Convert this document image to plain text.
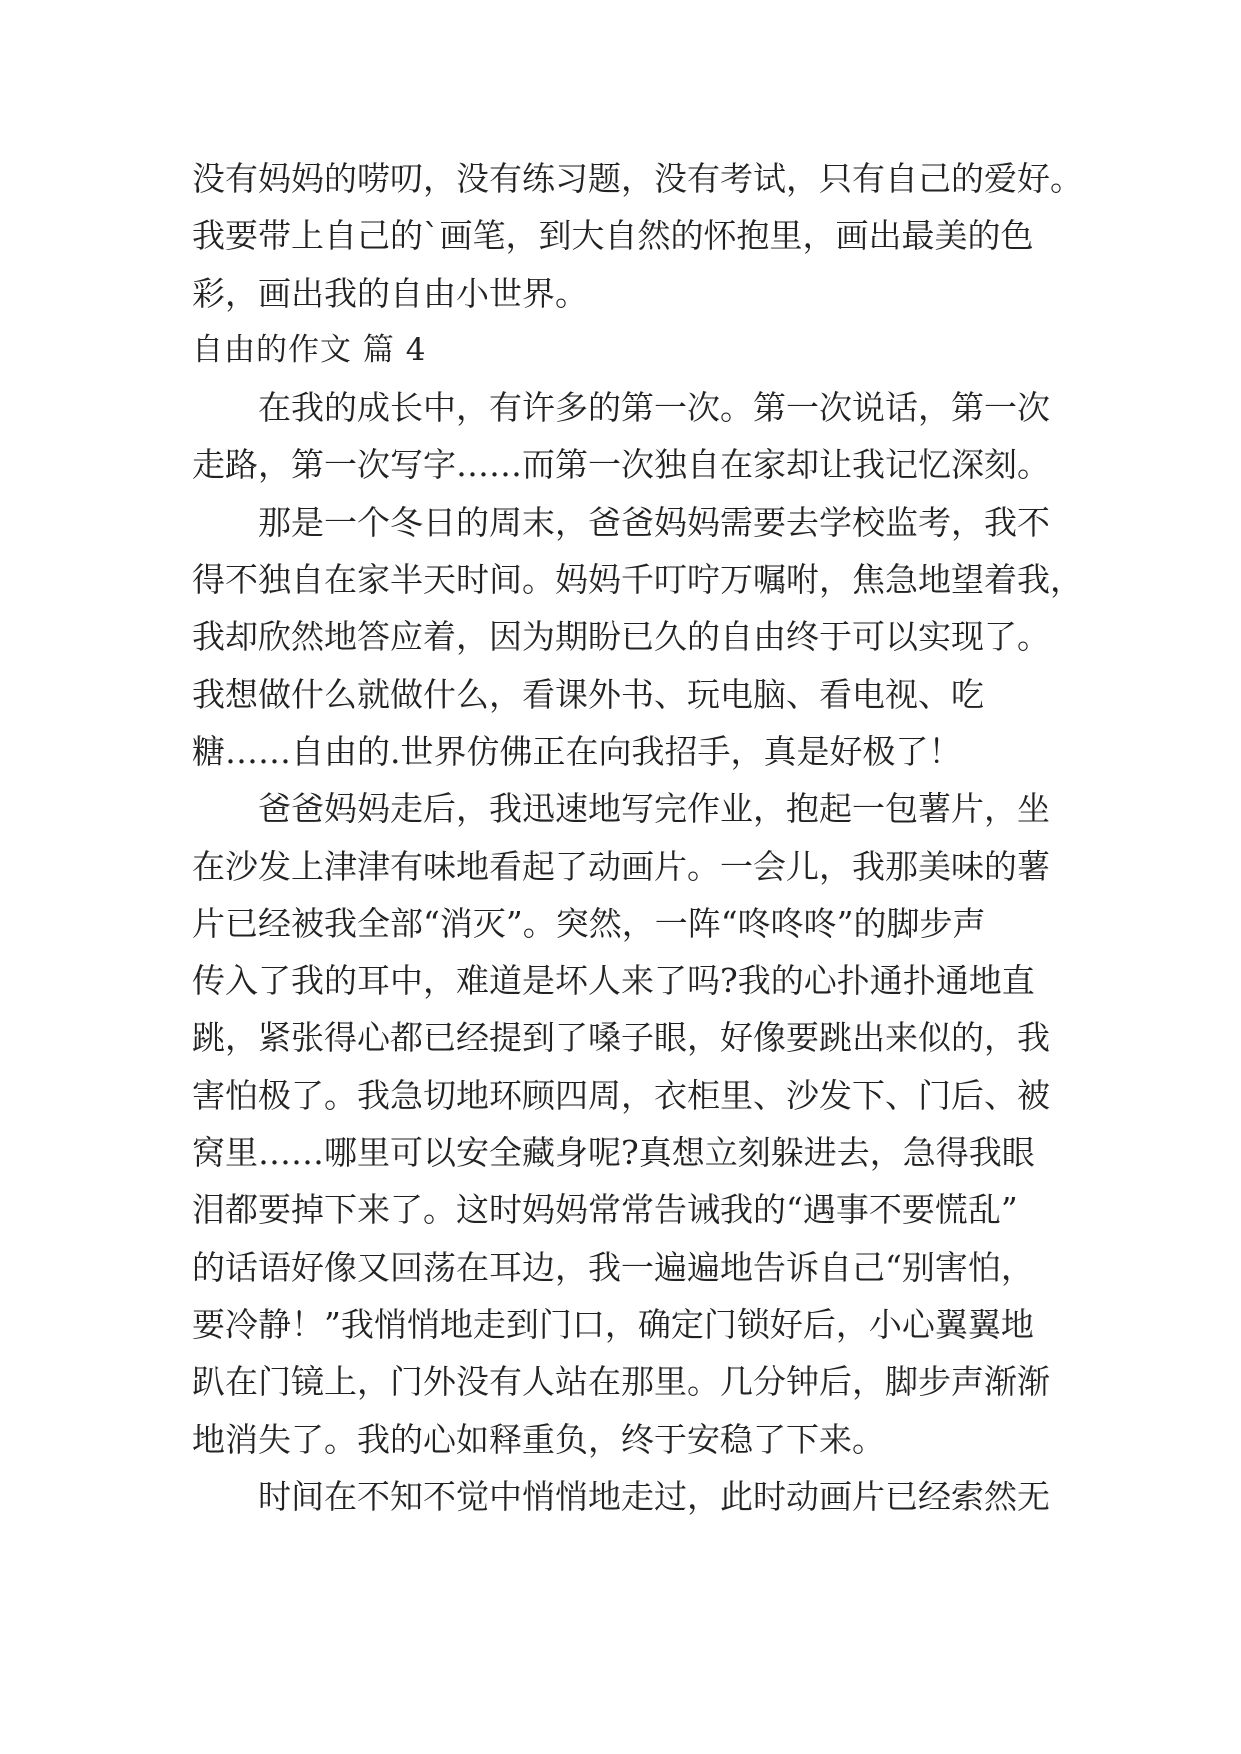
没有妈妈的唠叨，没有练习题，没有考试，只有自己的爱好。
我要带上自己的`画笔，到大自然的怀抱里，画出最美的色
彩，画出我的自由小世界。
自由的作文 篇 4
　　在我的成长中，有许多的第一次。第一次说话，第一次
走路，第一次写字……而第一次独自在家却让我记忆深刻。
　　那是一个冬日的周末，爸爸妈妈需要去学校监考，我不
得不独自在家半天时间。妈妈千叮咛万嘱咐，焦急地望着我，
我却欣然地答应着，因为期盼已久的自由终于可以实现了。
我想做什么就做什么，看课外书、玩电脑、看电视、吃
糖……自由的.世界仿佛正在向我招手，真是好极了！
　　爸爸妈妈走后，我迅速地写完作业，抱起一包薯片，坐
在沙发上津津有味地看起了动画片。一会儿，我那美味的薯
片已经被我全部“消灭”。突然，一阵“咚咚咚”的脚步声
传入了我的耳中，难道是坏人来了吗?我的心扑通扑通地直
跳，紧张得心都已经提到了嗓子眼，好像要跳出来似的，我
害怕极了。我急切地环顾四周，衣柜里、沙发下、门后、被
窝里……哪里可以安全藏身呢?真想立刻躲进去，急得我眼
泪都要掉下来了。这时妈妈常常告诫我的“遇事不要慌乱”
的话语好像又回荡在耳边，我一遍遍地告诉自己“别害怕，
要冷静！”我悄悄地走到门口，确定门锁好后，小心翼翼地
趴在门镜上，门外没有人站在那里。几分钟后，脚步声渐渐
地消失了。我的心如释重负，终于安稳了下来。
　　时间在不知不觉中悄悄地走过，此时动画片已经索然无
